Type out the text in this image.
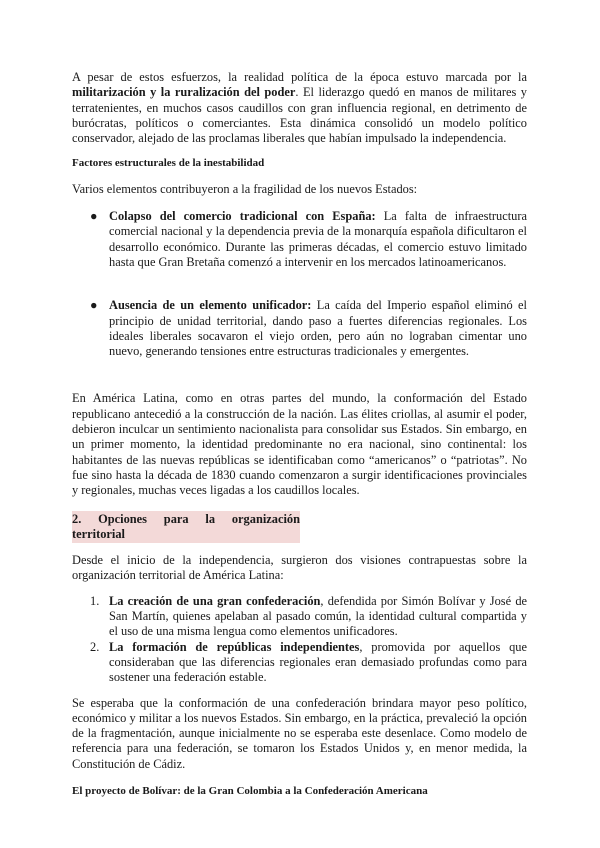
A pesar de estos esfuerzos, la realidad política de la época estuvo marcada por la militarización y la ruralización del poder. El liderazgo quedó en manos de militares y terratenientes, en muchos casos caudillos con gran influencia regional, en detrimento de burócratas, políticos o comerciantes. Esta dinámica consolidó un modelo político conservador, alejado de las proclamas liberales que habían impulsado la independencia.

Factores estructurales de la inestabilidad

Varios elementos contribuyeron a la fragilidad de los nuevos Estados:

● Colapso del comercio tradicional con España: La falta de infraestructura comercial nacional y la dependencia previa de la monarquía española dificultaron el desarrollo económico. Durante las primeras décadas, el comercio estuvo limitado hasta que Gran Bretaña comenzó a intervenir en los mercados latinoamericanos.
● Ausencia de un elemento unificador: La caída del Imperio español eliminó el principio de unidad territorial, dando paso a fuertes diferencias regionales. Los ideales liberales socavaron el viejo orden, pero aún no lograban cimentar uno nuevo, generando tensiones entre estructuras tradicionales y emergentes.

En América Latina, como en otras partes del mundo, la conformación del Estado republicano antecedió a la construcción de la nación. Las élites criollas, al asumir el poder, debieron inculcar un sentimiento nacionalista para consolidar sus Estados. Sin embargo, en un primer momento, la identidad predominante no era nacional, sino continental: los habitantes de las nuevas repúblicas se identificaban como “americanos” o “patriotas”. No fue sino hasta la década de 1830 cuando comenzaron a surgir identificaciones provinciales y regionales, muchas veces ligadas a los caudillos locales.

2. Opciones para la organización territorial

Desde el inicio de la independencia, surgieron dos visiones contrapuestas sobre la organización territorial de América Latina:

1. La creación de una gran confederación, defendida por Simón Bolívar y José de San Martín, quienes apelaban al pasado común, la identidad cultural compartida y el uso de una misma lengua como elementos unificadores.
2. La formación de repúblicas independientes, promovida por aquellos que consideraban que las diferencias regionales eran demasiado profundas como para sostener una federación estable.

Se esperaba que la conformación de una confederación brindara mayor peso político, económico y militar a los nuevos Estados. Sin embargo, en la práctica, prevaleció la opción de la fragmentación, aunque inicialmente no se esperaba este desenlace. Como modelo de referencia para una federación, se tomaron los Estados Unidos y, en menor medida, la Constitución de Cádiz.

El proyecto de Bolívar: de la Gran Colombia a la Confederación Americana
